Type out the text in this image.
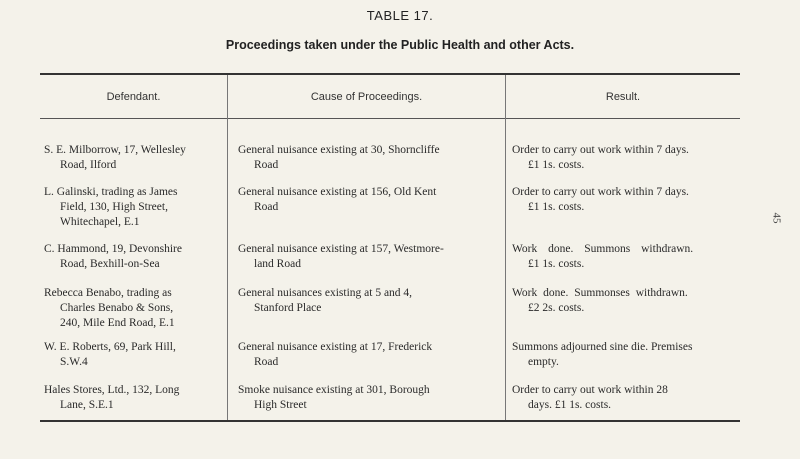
TABLE 17.
Proceedings taken under the Public Health and other Acts.
Defendant.	Cause of Proceedings.	Result.
S. E. Milborrow, 17, Wellesley
Road, Ilford
General nuisance existing at 30, Shorncliffe
Road
Order to carry out work within 7 days.
£1 1s. costs.
L. Galinski, trading as James
Field, 130, High Street,
Whitechapel, E.1
General nuisance existing at 156, Old Kent
Road
Order to carry out work within 7 days.
£1 1s. costs.
C. Hammond, 19, Devonshire
Road, Bexhill-on-Sea
General nuisance existing at 157, Westmore-
land Road
Work done. Summons withdrawn.
£1 1s. costs.
Rebecca Benabo, trading as
Charles Benabo & Sons,
240, Mile End Road, E.1
General nuisances existing at 5 and 4,
Stanford Place
Work done. Summonses withdrawn.
£2 2s. costs.
W. E. Roberts, 69, Park Hill,
S.W.4
General nuisance existing at 17, Frederick
Road
Summons adjourned sine die. Premises
empty.
Hales Stores, Ltd., 132, Long
Lane, S.E.1
Smoke nuisance existing at 301, Borough
High Street
Order to carry out work within 28
days. £1 1s. costs.
45
